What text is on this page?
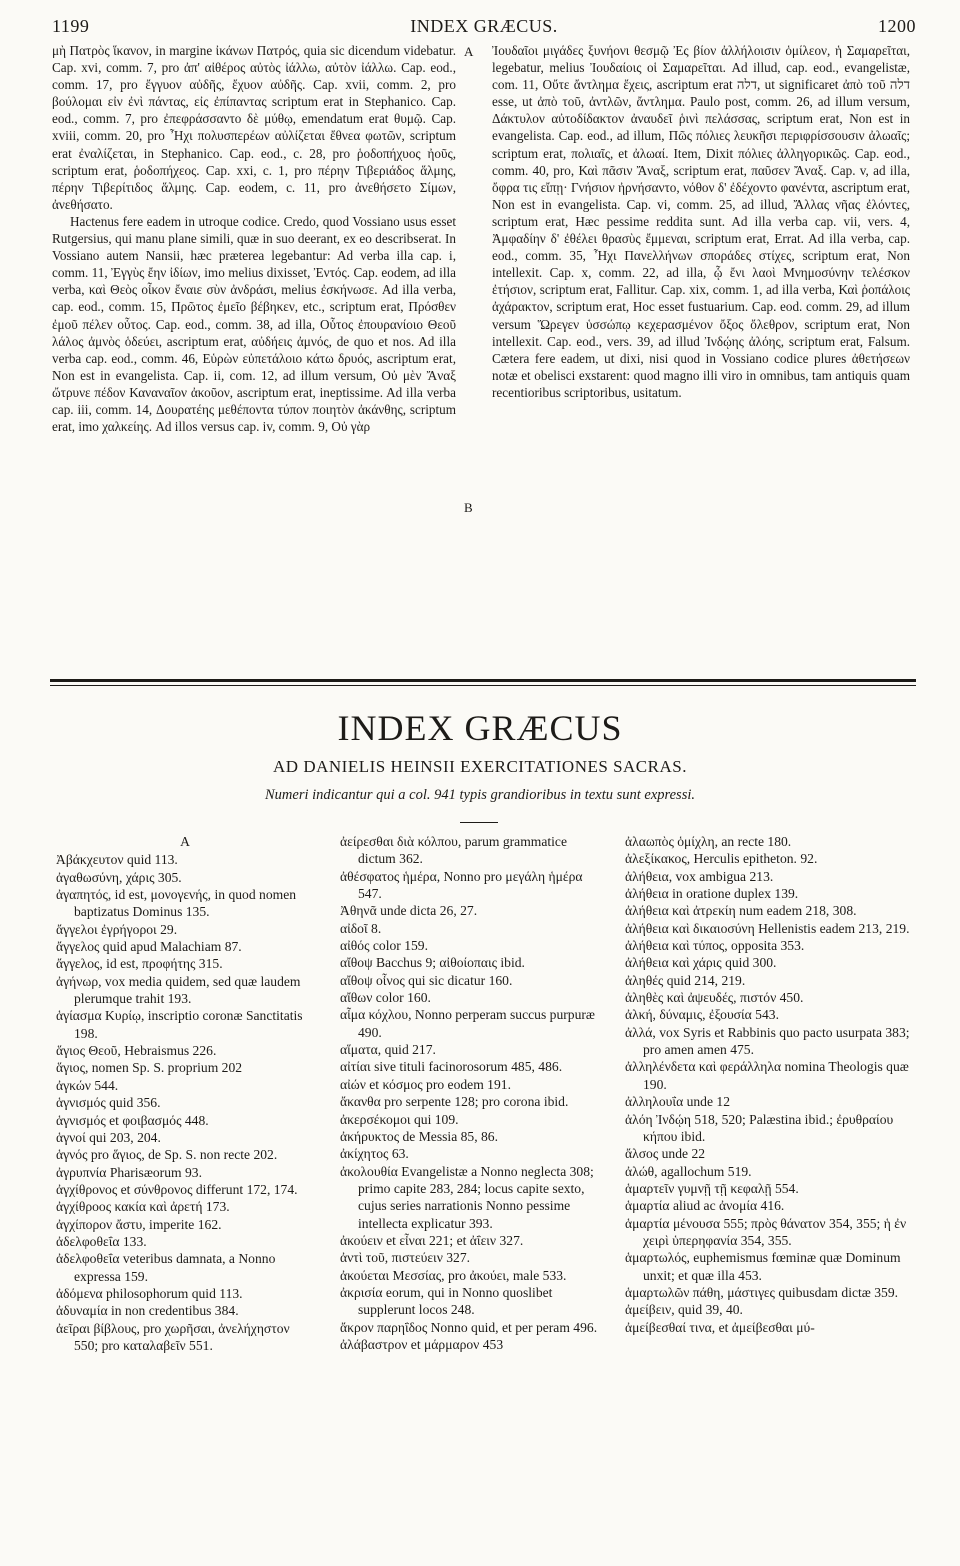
1199	INDEX GRÆCUS.	1200

μὴ Πατρὸς ἵκανον, in margine ἰκάνων Πατρός, quia sic dicendum videbatur. Cap. xvi, comm. 7, pro ἀπ' αἰθέρος αὐτὸς ἰάλλω, αὐτὸν ἰάλλω. Cap. eod., comm. 17, pro ἔγγυον αὐδῆς, ἔχυον αὐδῆς. Cap. xvii, comm. 2, pro βούλομαι εἰν ἐνὶ πάντας, εἰς ἐπίπαντας scriptum erat in Stephanico. Cap. eod., comm. 7, pro ἐπεφράσσαντο δὲ μύθῳ, emendatum erat θυμῷ. Cap. xviii, comm. 20, pro Ἦχι πολυσπερέων αὐλίζεται ἔθνεα φωτῶν, scriptum erat ἐναλίζεται, in Stephanico. Cap. eod., c. 28, pro ῥοδοπήχυος ἠοῦς, scriptum erat, ῥοδοπήχεος. Cap. xxi, c. 1, pro πέρην Τιβεριάδος ἅλμης, πέρην Τιβερίτιδος ἅλμης. Cap. eodem, c. 11, pro ἀνεθήσετο Σίμων, ἀνεθήσατο.

Hactenus fere eadem in utroque codice. Credo, quod Vossiano usus esset Rutgersius, qui manu plane simili, quæ in suo deerant, ex eo describserat. In Vossiano autem Nansii, hæc præterea legebantur: Ad verba illa cap. i, comm. 11, Ἐγγὺς ἔην ἰδίων, imo melius dixisset, Ἐντός. Cap. eodem, ad illa verba, καὶ Θεὸς οἶκον ἔναιε σὺν ἀνδράσι, melius ἐσκήνωσε. Ad illa verba, cap. eod., comm. 15, Πρῶτος ἐμεῖο βέβηκεν, etc., scriptum erat, Πρόσθεν ἐμοῦ πέλεν οὗτος. Cap. eod., comm. 38, ad illa, Οὗτος ἐπουρανίοιο Θεοῦ λάλος ἀμνὸς ὁδεύει, ascriptum erat, αὐδήεις ἀμνός, de quo et nos. Ad illa verba cap. eod., comm. 46, Εὑρὼν εὐπετάλοιο κάτω δρυός, ascriptum erat, Non est in evangelista. Cap. ii, com. 12, ad illum versum, Οὐ μὲν Ἄναξ ὤτρυνε πέδον Καναναῖον ἀκοῦον, ascriptum erat, ineptissime. Ad illa verba cap. iii, comm. 14, Δουρατέης μεθέποντα τύπον ποιητὸν ἀκάνθης, scriptum erat, imo χαλκείης. Ad illos versus cap. iv, comm. 9, Οὐ γὰρ

A
B

Ἰουδαῖοι μιγάδες ξυνήονι θεσμῷ Ἐς βίον ἀλλήλοισιν ὁμίλεον, ἡ Σαμαρεῖται, legebatur, melius Ἰουδαίοις οἱ Σαμαρεῖται. Ad illud, cap. eod., evangelistæ, com. 11, Οὔτε ἄντλημα ἔχεις, ascriptum erat דלה, ut significaret ἀπὸ τοῦ דלה esse, ut ἀπὸ τοῦ, ἀντλῶν, ἄντλημα. Paulo post, comm. 26, ad illum versum, Δάκτυλον αὐτοδίδακτον ἀναυδεῖ ῥινὶ πελάσσας, scriptum erat, Non est in evangelista. Cap. eod., ad illum, Πῶς πόλιες λευκῆσι περιφρίσσουσιν ἀλωαῖς; scriptum erat, πολιαῖς, et ἀλωαί. Item, Dixit πόλιες ἀλληγορικῶς. Cap. eod., comm. 40, pro, Καὶ πᾶσιν Ἄναξ, scriptum erat, παῦσεν Ἄναξ. Cap. v, ad illa, ὄφρα τις εἴπῃ· Γνήσιον ἠρνήσαντο, νόθον δ' ἐδέχοντο φανέντα, ascriptum erat, Non est in evangelista. Cap. vi, comm. 25, ad illud, Ἄλλας νῆας ἐλόντες, scriptum erat, Hæc pessime reddita sunt. Ad illa verba cap. vii, vers. 4, Ἀμφαδίην δ' ἐθέλει θρασὺς ἔμμεναι, scriptum erat, Errat. Ad illa verba, cap. eod., comm. 35, Ἦχι Πανελλήνων σποράδες στίχες, scriptum erat, Non intellexit. Cap. x, comm. 22, ad illa, ᾧ ἔνι λαοὶ Μνημοσύνην τελέσκον ἐτήσιον, scriptum erat, Fallitur. Cap. xix, comm. 1, ad illa verba, Καὶ ῥοπάλοις ἀχάρακτον, scriptum erat, Hoc esset fustuarium. Cap. eod. comm. 29, ad illum versum Ὥρεγεν ὑσσώπῳ κεχερασμένον ὄξος ὄλεθρον, scriptum erat, Non intellexit. Cap. eod., vers. 39, ad illud Ἰνδῴης ἀλόης, scriptum erat, Falsum. Cætera fere eadem, ut dixi, nisi quod in Vossiano codice plures ἀθετήσεων notæ et obelisci exstarent: quod magno illi viro in omnibus, tam antiquis quam recentioribus scriptoribus, usitatum.

INDEX GRÆCUS
AD DANIELIS HEINSII EXERCITATIONES SACRAS.
Numeri indicantur qui a col. 941 typis grandioribus in textu sunt expressi.

A

Ἀβάκχευτον quid 113.

ἀγαθωσύνη, χάρις 305.

ἀγαπητός, id est, μονογενής, in quod nomen baptizatus Dominus 135.

ἄγγελοι ἐγρήγοροι 29.

ἄγγελος quid apud Malachiam 87.

ἄγγελος, id est, προφήτης 315.

ἀγήνωρ, vox media quidem, sed quæ laudem plerumque trahit 193.

ἁγίασμα Κυρίῳ, inscriptio coronæ Sanctitatis 198.

ἅγιος Θεοῦ, Hebraismus 226.

ἅγιος, nomen Sp. S. proprium 202

ἀγκών 544.

ἁγνισμός quid 356.

ἁγνισμός et φοιβασμός 448.

ἁγνοί qui 203, 204.

ἁγνός pro ἅγιος, de Sp. S. non recte 202.

ἀγρυπνία Pharisæorum 93.

ἀγχίθρονος et σύνθρονος differunt 172, 174.

ἀγχίθροος κακία καὶ ἀρετή 173.

ἀγχίπορον ἄστυ, imperite 162.

ἀδελφοθεΐα 133.

ἀδελφοθεΐα veteribus damnata, a Nonno expressa 159.

ἀδόμενα philosophorum quid 113.

ἀδυναμία in non credentibus 384.

ἀεῖραι βίβλους, pro χωρῆσαι, ἀνελήχηστον 550; pro καταλαβεῖν 551.

ἀείρεσθαι διὰ κόλπου, parum grammatice dictum 362.

ἀθέσφατος ἡμέρα, Nonno pro μεγάλη ἡμέρα 547.

Ἀθηνᾶ unde dicta 26, 27.

αἰδοῖ 8.

αἰθός color 159.

αἴθοψ Bacchus 9; αἰθοίοπαις ibid.

αἴθοψ οἶνος qui sic dicatur 160.

αἴθων color 160.

αἷμα κόχλου, Nonno perperam succus purpuræ 490.

αἵματα, quid 217.

αἰτίαι sive tituli facinorosorum 485, 486.

αἰών et κόσμος pro eodem 191.

ἄκανθα pro serpente 128; pro corona ibid.

ἀκερσέκομοι qui 109.

ἀκήρυκτος de Messia 85, 86.

ἀκίχητος 63.

ἀκολουθία Evangelistæ a Nonno neglecta 308; primo capite 283, 284; locus capite sexto, cujus series narrationis Nonno pessime intellecta explicatur 393.

ἀκούειν et εἶναι 221; et ἀΐειν 327.

ἀντὶ τοῦ, πιστεύειν 327.

ἀκούεται Μεσσίας, pro ἀκούει, male 533.

ἀκρισία eorum, qui in Nonno quoslibet supplerunt locos 248.

ἄκρον παρηΐδος Nonno quid, et per peram 496.

ἀλάβαστρον et μάρμαρον 453

ἀλαωπὸς ὁμίχλη, an recte 180.

ἀλεξίκακος, Herculis epitheton. 92.

ἀλήθεια, vox ambigua 213.

ἀλήθεια in oratione duplex 139.

ἀλήθεια καὶ ἀτρεκίη num eadem 218, 308.

ἀλήθεια καὶ δικαιοσύνη Hellenistis eadem 213, 219.

ἀλήθεια καὶ τύπος, opposita 353.

ἀλήθεια καὶ χάρις quid 300.

ἀληθές quid 214, 219.

ἀληθὲς καὶ ἀψευδές, πιστόν 450.

ἀλκή, δύναμις, ἐξουσία 543.

ἀλλά, vox Syris et Rabbinis quo pacto usurpata 383; pro amen amen 475.

ἀλληλένδετα καὶ φεράλληλα nomina Theologis quæ 190.

ἀλληλουΐα unde 12

ἀλόη Ἰνδῴη 518, 520; Palæstina ibid.; ἐρυθραίου κήπου ibid.

ἄλσος unde 22

ἀλώθ, agallochum 519.

ἁμαρτεῖν γυμνῇ τῇ κεφαλῇ 554.

ἁμαρτία aliud ac ἀνομία 416.

ἁμαρτία μένουσα 555; πρὸς θάνατον 354, 355; ἡ ἐν χειρὶ ὑπερηφανία 354, 355.

ἁμαρτωλός, euphemismus fœminæ quæ Dominum unxit; et quæ illa 453.

ἁμαρτωλῶν πάθη, μάστιγες quibusdam dictæ 359.

ἀμείβειν, quid 39, 40.

ἀμείβεσθαί τινα, et ἀμείβεσθαι μύ-
